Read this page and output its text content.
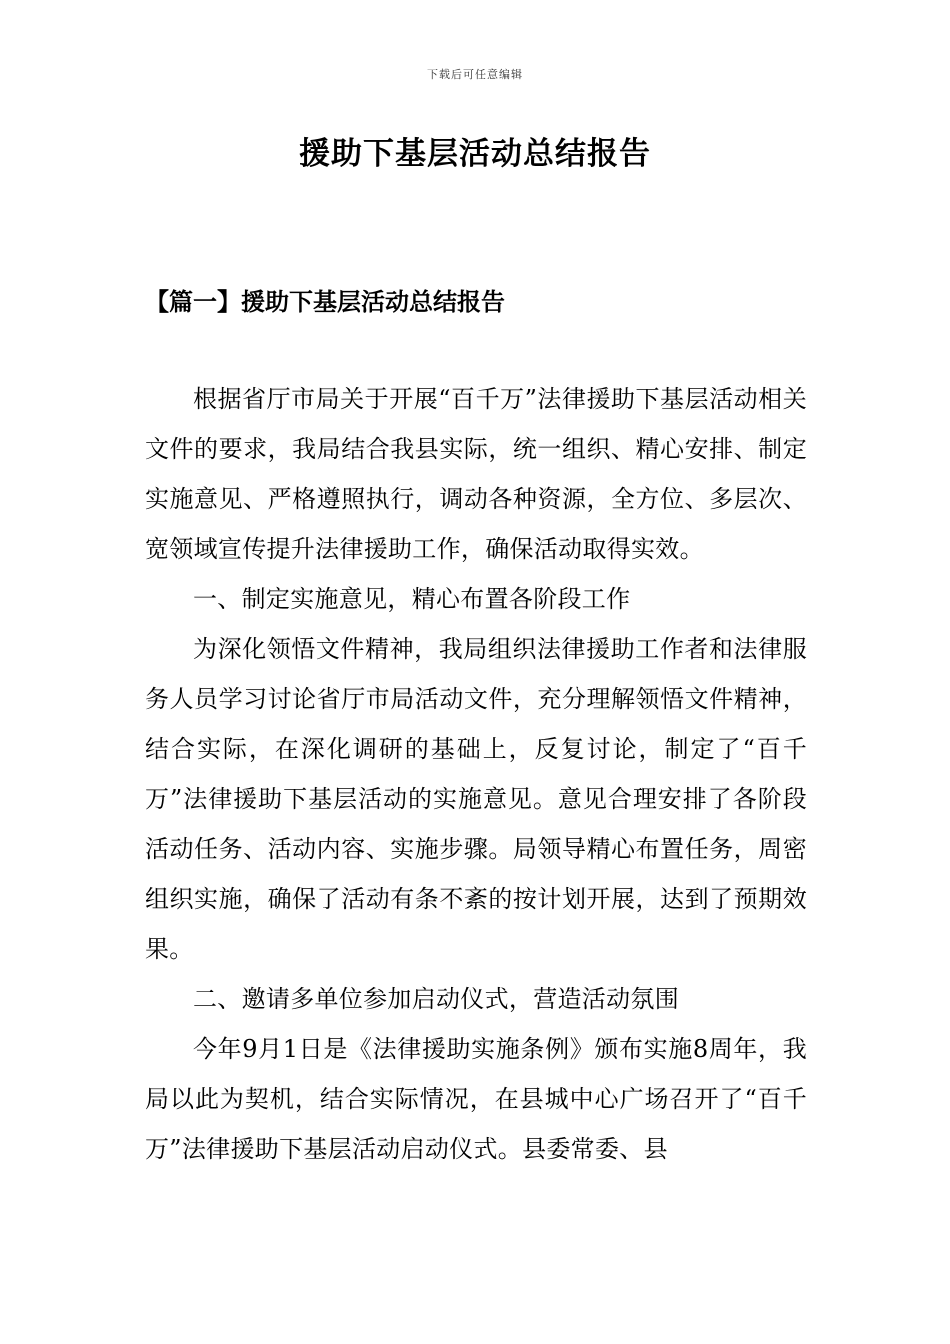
下载后可任意编辑
援助下基层活动总结报告
【篇一】援助下基层活动总结报告

根据省厅市局关于开展“百千万”法律援助下基层活动相关文件的要求，我局结合我县实际，统一组织、精心安排、制定实施意见、严格遵照执行，调动各种资源，全方位、多层次、宽领域宣传提升法律援助工作，确保活动取得实效。

一、制定实施意见，精心布置各阶段工作

为深化领悟文件精神，我局组织法律援助工作者和法律服务人员学习讨论省厅市局活动文件，充分理解领悟文件精神，结合实际，在深化调研的基础上，反复讨论，制定了“百千万”法律援助下基层活动的实施意见。意见合理安排了各阶段活动任务、活动内容、实施步骤。局领导精心布置任务，周密组织实施，确保了活动有条不紊的按计划开展，达到了预期效果。

二、邀请多单位参加启动仪式，营造活动氛围

今年9月1日是《法律援助实施条例》颁布实施8周年，我局以此为契机，结合实际情况，在县城中心广场召开了“百千万”法律援助下基层活动启动仪式。县委常委、县
